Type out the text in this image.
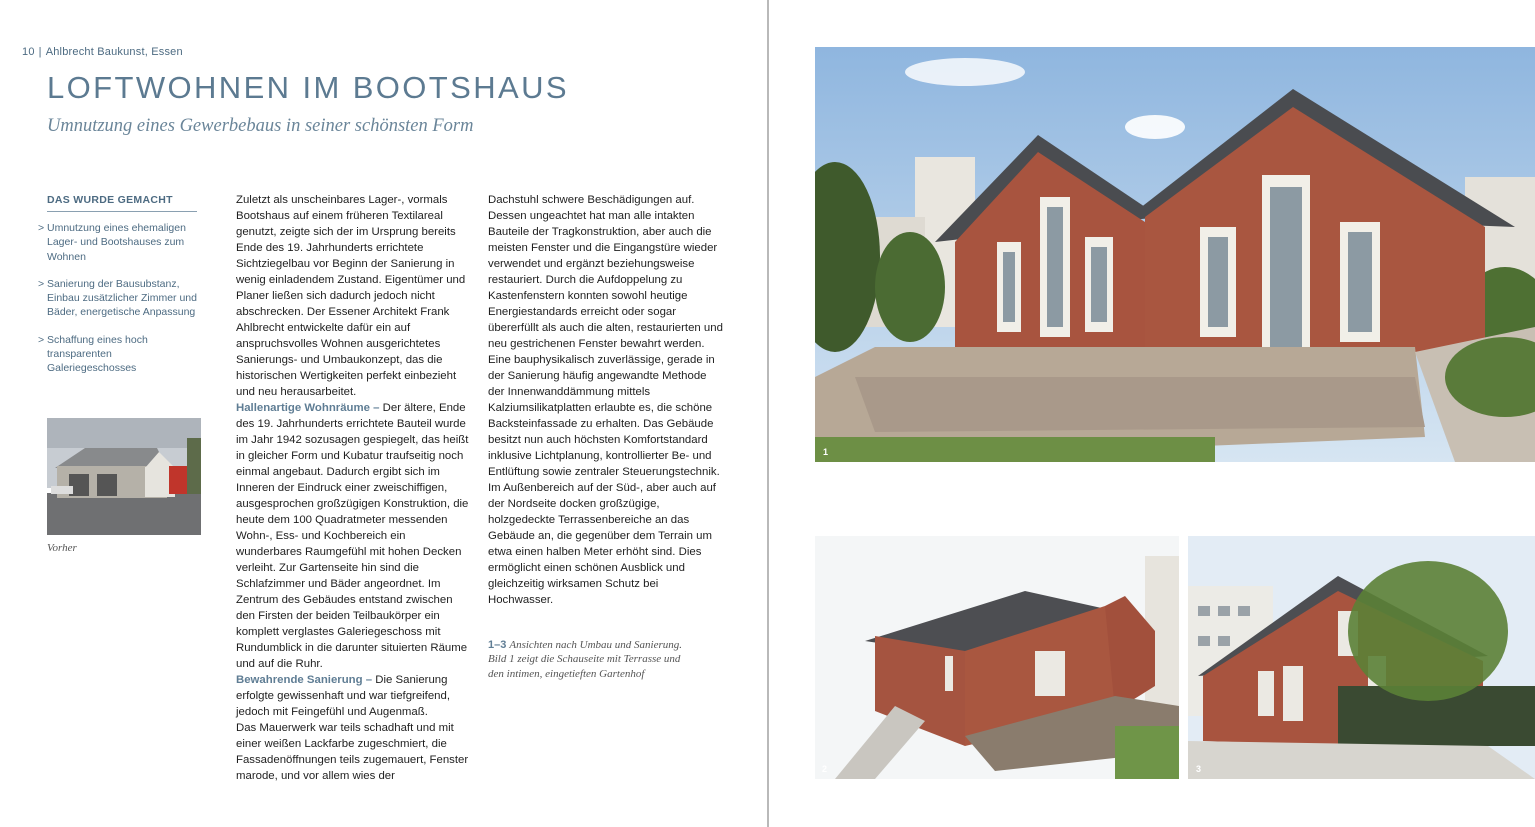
10 | Ahlbrecht Baukunst, Essen
LOFTWOHNEN IM BOOTSHAUS
Umnutzung eines Gewerbebaus in seiner schönsten Form
DAS WURDE GEMACHT
> Umnutzung eines ehemaligen Lager- und Bootshauses zum Wohnen
> Sanierung der Bausubstanz, Einbau zusätzlicher Zimmer und Bäder, energetische Anpassung
> Schaffung eines hoch transparenten Galeriegeschosses
Vorher

Zuletzt als unscheinbares Lager-, vormals Bootshaus auf einem früheren Textilareal genutzt, zeigte sich der im Ursprung bereits Ende des 19. Jahrhunderts errichtete Sichtziegelbau vor Beginn der Sanierung in wenig einladendem Zustand. Eigentümer und Planer ließen sich dadurch jedoch nicht abschrecken. Der Essener Architekt Frank Ahlbrecht entwickelte dafür ein auf anspruchsvolles Wohnen ausgerichtetes Sanierungs- und Umbaukonzept, das die historischen Wertigkeiten perfekt einbezieht und neu herausarbeitet.

Hallenartige Wohnräume – Der ältere, Ende des 19. Jahrhunderts errichtete Bauteil wurde im Jahr 1942 sozusagen gespiegelt, das heißt in gleicher Form und Kubatur traufseitig noch einmal angebaut. Dadurch ergibt sich im Inneren der Eindruck einer zweischiffigen, ausgesprochen großzügigen Konstruktion, die heute dem 100 Quadratmeter messenden Wohn-, Ess- und Kochbereich ein wunderbares Raumgefühl mit hohen Decken verleiht. Zur Gartenseite hin sind die Schlafzimmer und Bäder angeordnet. Im Zentrum des Gebäudes entstand zwischen den Firsten der beiden Teilbaukörper ein komplett verglastes Galeriegeschoss mit Rundumblick in die darunter situierten Räume und auf die Ruhr.

Bewahrende Sanierung – Die Sanierung erfolgte gewissenhaft und war tiefgreifend, jedoch mit Feingefühl und Augenmaß.

Das Mauerwerk war teils schadhaft und mit einer weißen Lackfarbe zugeschmiert, die Fassadenöffnungen teils zugemauert, Fenster marode, und vor allem wies der

Dachstuhl schwere Beschädigungen auf. Dessen ungeachtet hat man alle intakten Bauteile der Tragkonstruktion, aber auch die meisten Fenster und die Eingangstüre wieder verwendet und ergänzt beziehungsweise restauriert. Durch die Aufdoppelung zu Kastenfenstern konnten sowohl heutige Energiestandards erreicht oder sogar übererfüllt als auch die alten, restaurierten und neu gestrichenen Fenster bewahrt werden. Eine bauphysikalisch zuverlässige, gerade in der Sanierung häufig angewandte Methode der Innenwanddämmung mittels Kalziumsilikatplatten erlaubte es, die schöne Backsteinfassade zu erhalten. Das Gebäude besitzt nun auch höchsten Komfortstandard inklusive Lichtplanung, kontrollierter Be- und Entlüftung sowie zentraler Steuerungstechnik.

Im Außenbereich auf der Süd-, aber auch auf der Nordseite docken großzügige, holzgedeckte Terrassenbereiche an das Gebäude an, die gegenüber dem Terrain um etwa einen halben Meter erhöht sind. Dies ermöglicht einen schönen Ausblick und gleichzeitig wirksamen Schutz bei Hochwasser.

1–3 Ansichten nach Umbau und Sanierung. Bild 1 zeigt die Schauseite mit Terrasse und den intimen, eingetieften Gartenhof
1
2	3
